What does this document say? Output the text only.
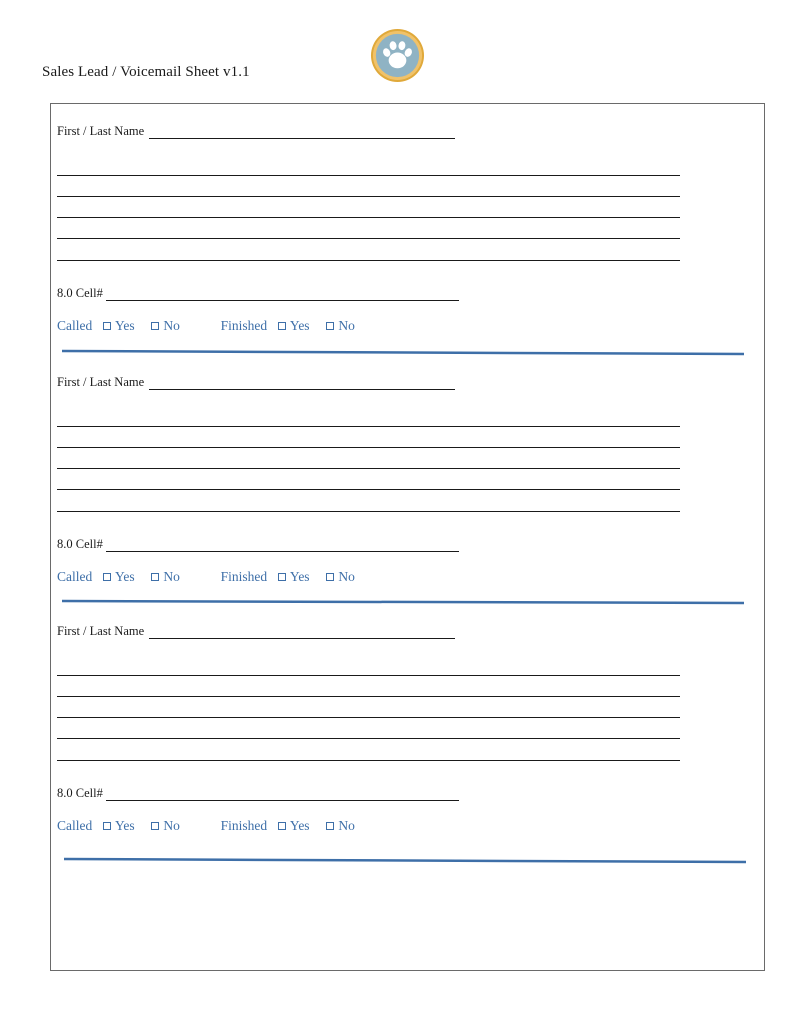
Sales Lead / Voicemail Sheet v1.1
First / Last Name
8.0 Cell#
Called Yes No	Finished Yes No
First / Last Name
8.0 Cell#
Called Yes No	Finished Yes No
First / Last Name
8.0 Cell#
Called Yes No	Finished Yes No
